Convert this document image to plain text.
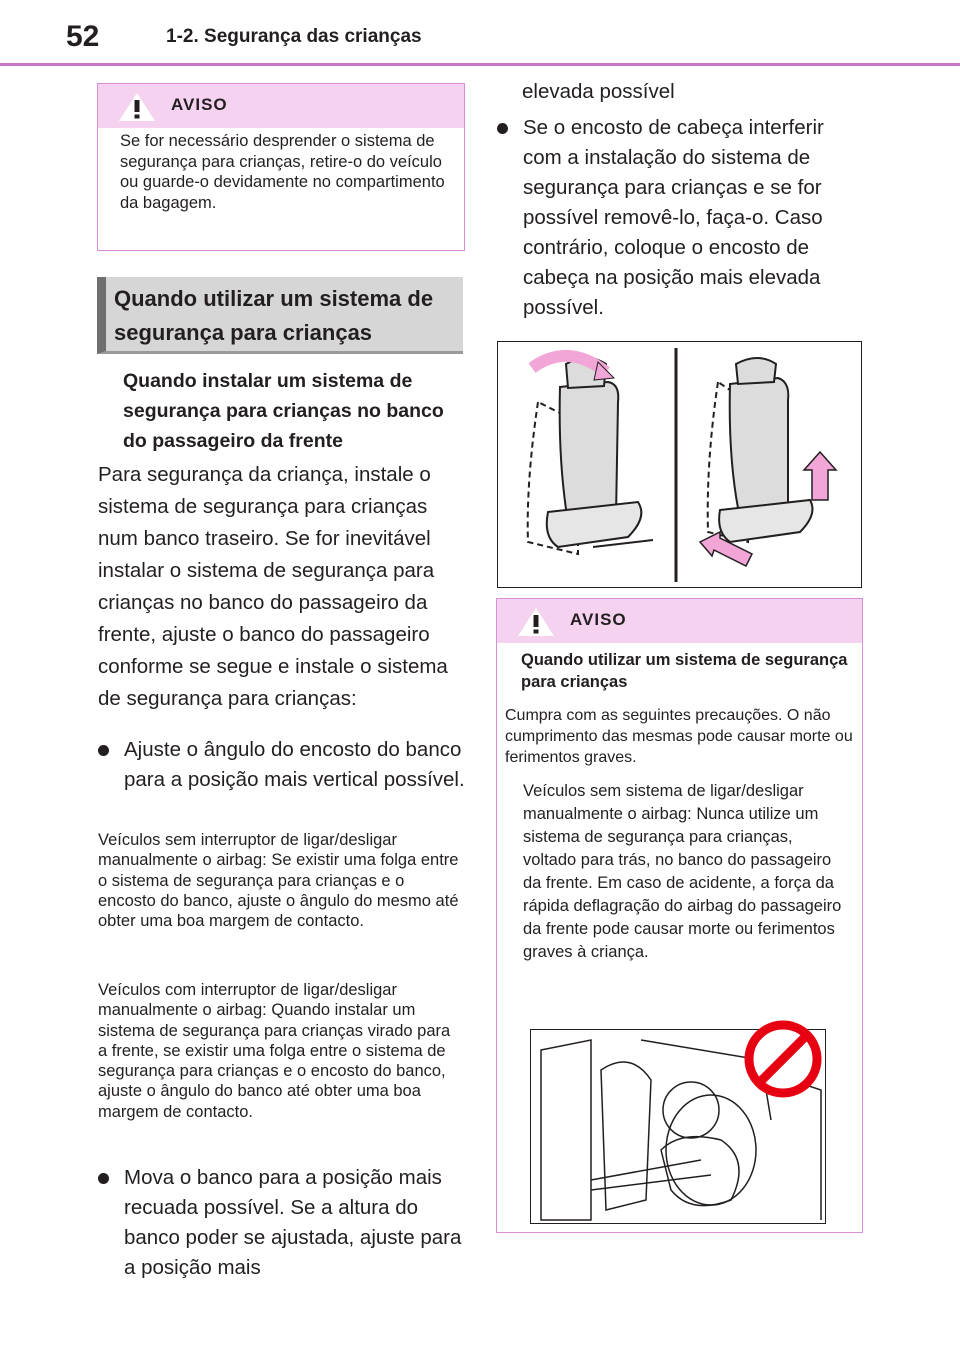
52	1-2. Segurança das crianças
AVISO
Se for necessário desprender o sistema de segurança para crianças, retire-o do veículo ou guarde-o devidamente no compartimento da bagagem.
Quando utilizar um sistema de segurança para crianças
Quando instalar um sistema de segurança para crianças no banco do passageiro da frente
Para segurança da criança, instale o sistema de segurança para crianças num banco traseiro. Se for inevitável instalar o sistema de segurança para crianças no banco do passageiro da frente, ajuste o banco do passageiro conforme se segue e instale o sistema de segurança para crianças:
Ajuste o ângulo do encosto do banco para a posição mais vertical possível.
Veículos sem interruptor de ligar/desligar manualmente o airbag: Se existir uma folga entre o sistema de segurança para crianças e o encosto do banco, ajuste o ângulo do mesmo até obter uma boa margem de contacto.
Veículos com interruptor de ligar/desligar manualmente o airbag: Quando instalar um sistema de segurança para crianças virado para a frente, se existir uma folga entre o sistema de segurança para crianças e o encosto do banco, ajuste o ângulo do banco até obter uma boa margem de contacto.
Mova o banco para a posição mais recuada possível. Se a altura do banco poder se ajustada, ajuste para a posição mais
elevada possível
Se o encosto de cabeça interferir com a instalação do sistema de segurança para crianças e se for possível removê-lo, faça-o. Caso contrário, coloque o encosto de cabeça na posição mais elevada possível.
AVISO
Quando utilizar um sistema de segurança para crianças
Cumpra com as seguintes precauções. O não cumprimento das mesmas pode causar morte ou ferimentos graves.
Veículos sem sistema de ligar/desligar manualmente o airbag: Nunca utilize um sistema de segurança para crianças, voltado para trás, no banco do passageiro da frente. Em caso de acidente, a força da rápida deflagração do airbag do passageiro da frente pode causar morte ou ferimentos graves à criança.
